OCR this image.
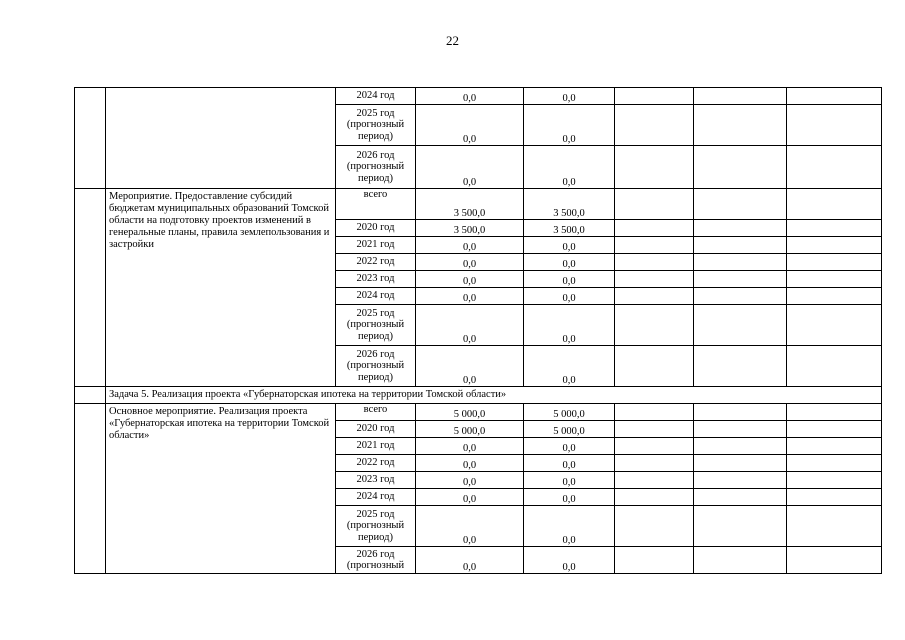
22
		2024 год	0,0	0,0			
		2025 год (прогнозный период)	0,0	0,0			
		2026 год (прогнозный период)	0,0	0,0			
	Мероприятие. Предоставление субсидий бюджетам муниципальных образований Томской области на подготовку проектов изменений в генеральные планы, правила землепользования и застройки	всего	3 500,0	3 500,0			
		2020 год	3 500,0	3 500,0			
		2021 год	0,0	0,0			
		2022 год	0,0	0,0			
		2023 год	0,0	0,0			
		2024 год	0,0	0,0			
		2025 год (прогнозный период)	0,0	0,0			
		2026 год (прогнозный период)	0,0	0,0			
	Задача 5. Реализация проекта «Губернаторская ипотека на территории Томской области»						
	Основное мероприятие. Реализация проекта «Губернаторская ипотека на территории Томской области»	всего	5 000,0	5 000,0			
		2020 год	5 000,0	5 000,0			
		2021 год	0,0	0,0			
		2022 год	0,0	0,0			
		2023 год	0,0	0,0			
		2024 год	0,0	0,0			
		2025 год (прогнозный период)	0,0	0,0			
		2026 год (прогнозный	0,0	0,0			
